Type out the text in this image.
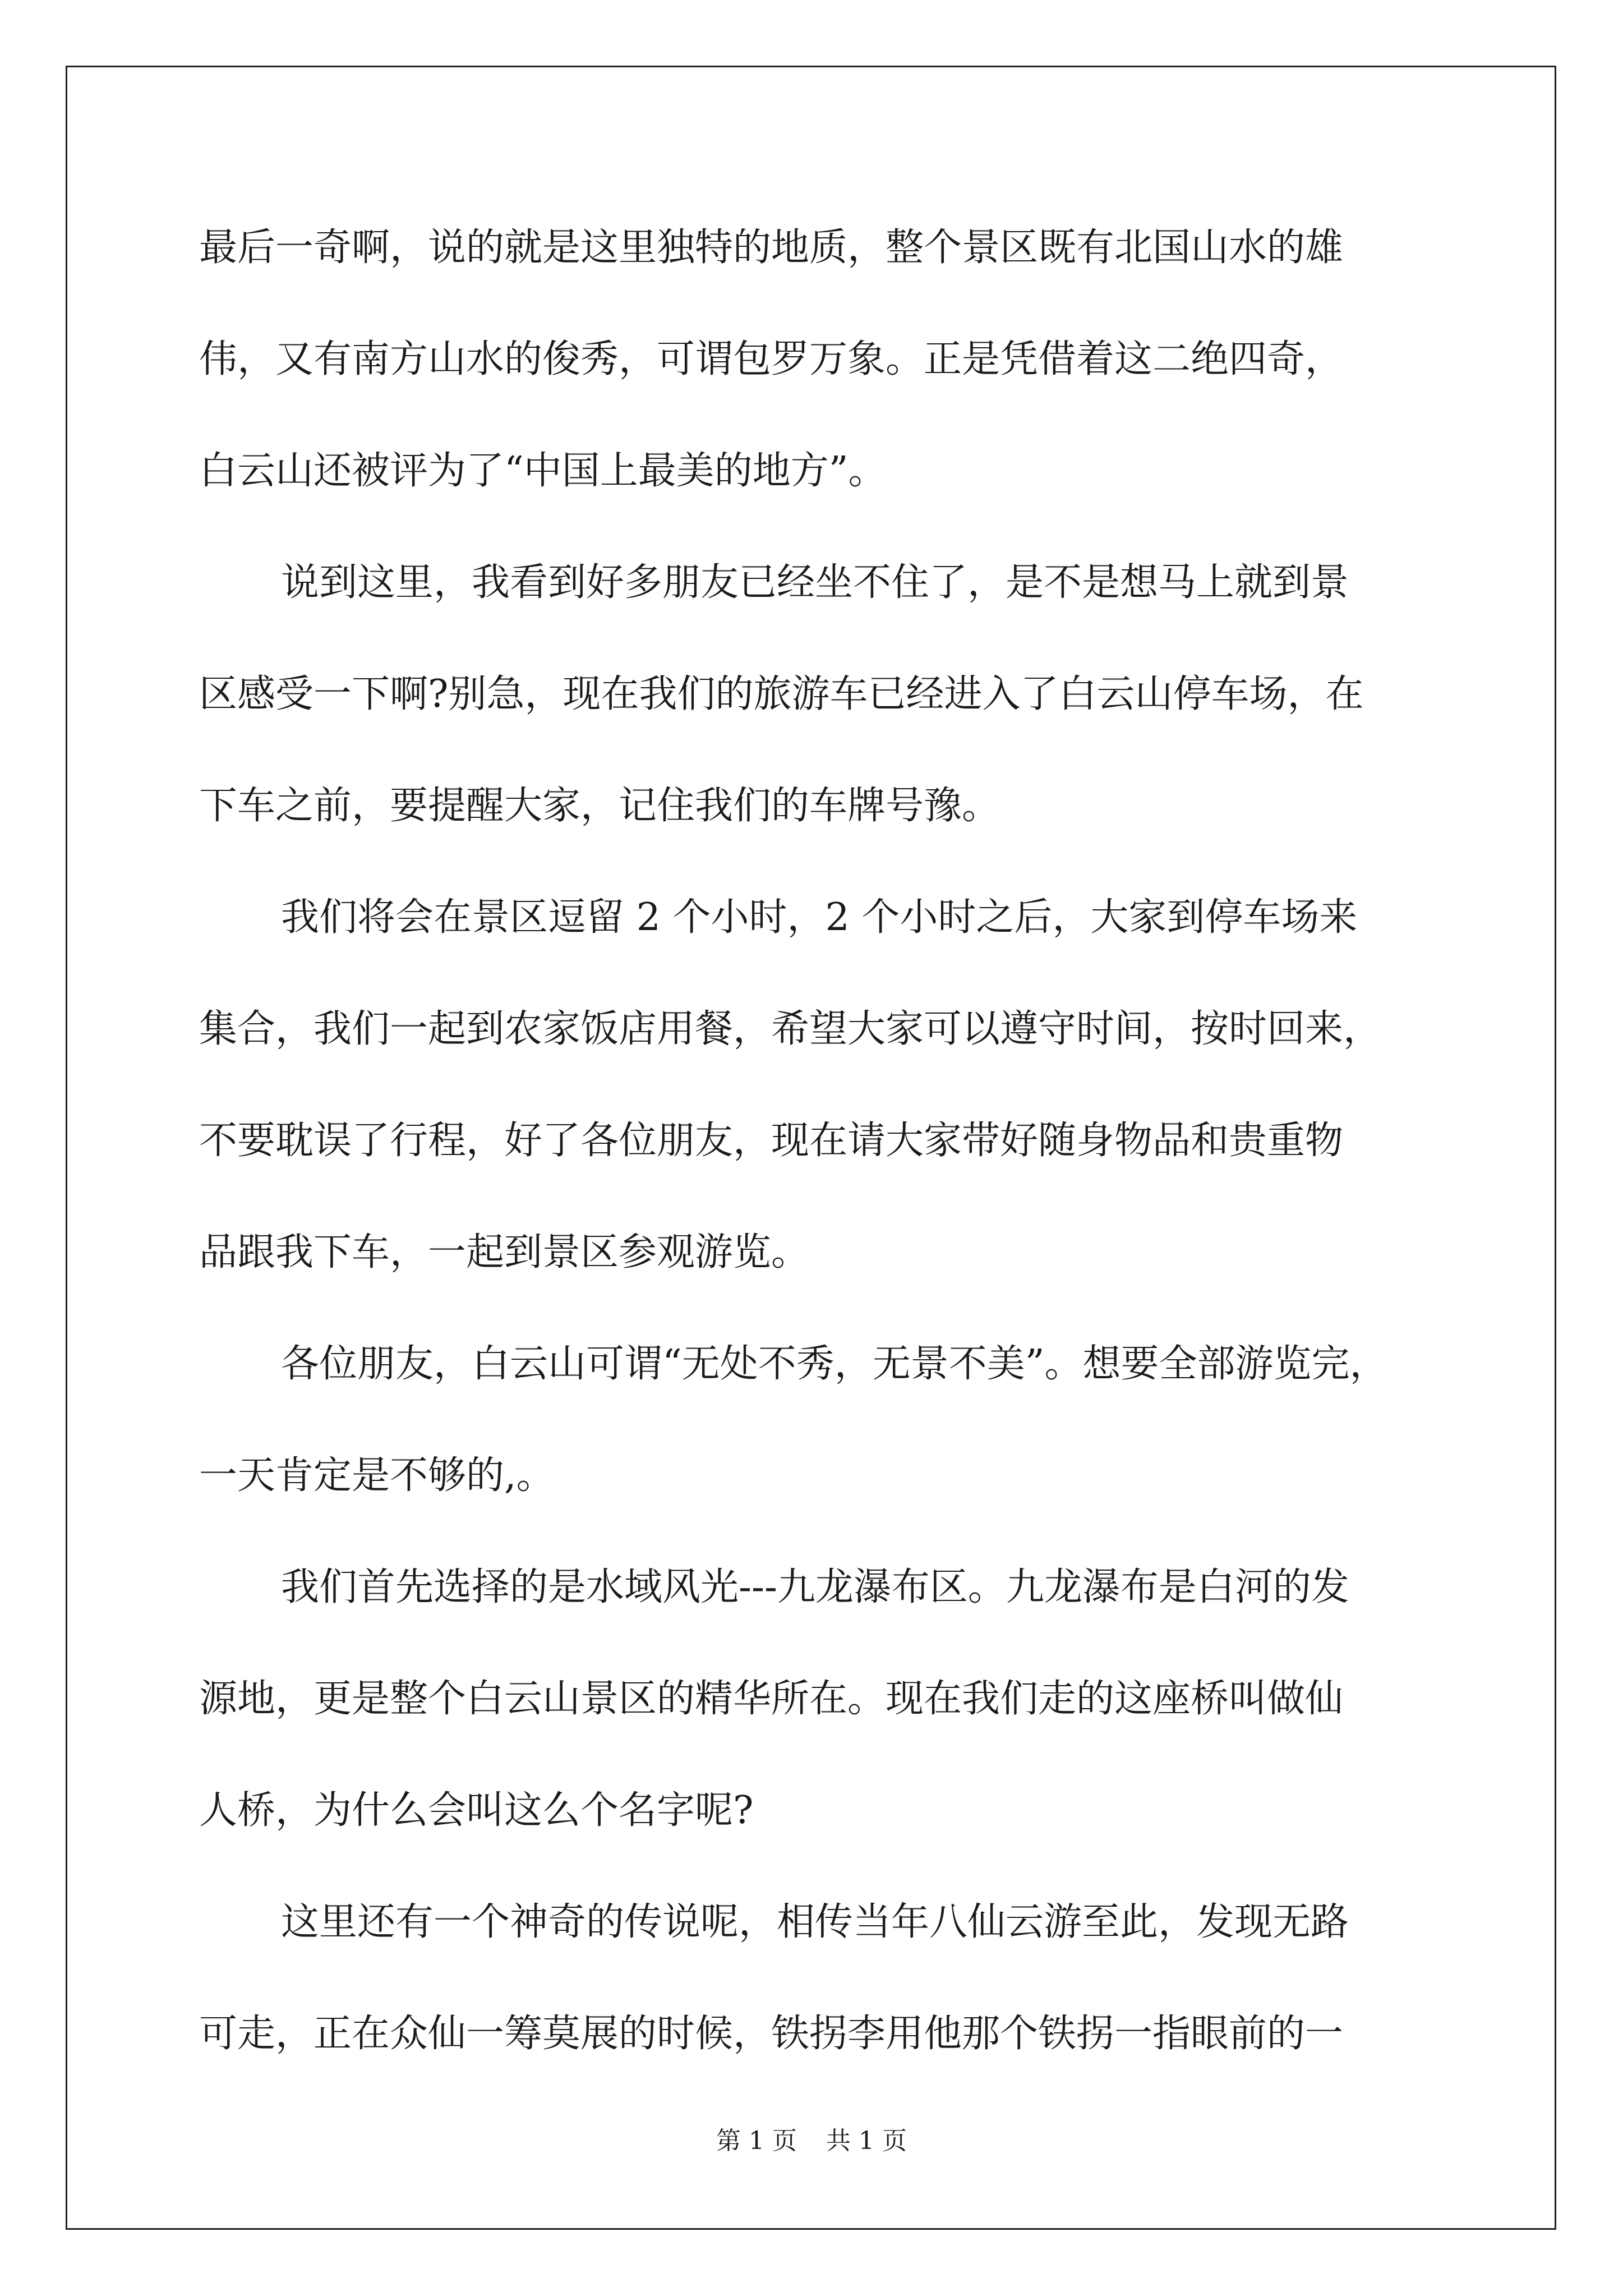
最后一奇啊，说的就是这里独特的地质，整个景区既有北国山水的雄
伟，又有南方山水的俊秀，可谓包罗万象。正是凭借着这二绝四奇，
白云山还被评为了“中国上最美的地方”。
说到这里，我看到好多朋友已经坐不住了，是不是想马上就到景
区感受一下啊?别急，现在我们的旅游车已经进入了白云山停车场，在
下车之前，要提醒大家，记住我们的车牌号豫。
我们将会在景区逗留 2 个小时，2 个小时之后，大家到停车场来
集合，我们一起到农家饭店用餐，希望大家可以遵守时间，按时回来，
不要耽误了行程，好了各位朋友，现在请大家带好随身物品和贵重物
品跟我下车，一起到景区参观游览。
各位朋友，白云山可谓“无处不秀，无景不美”。想要全部游览完，
一天肯定是不够的,。
我们首先选择的是水域风光---九龙瀑布区。九龙瀑布是白河的发
源地，更是整个白云山景区的精华所在。现在我们走的这座桥叫做仙
人桥，为什么会叫这么个名字呢?
这里还有一个神奇的传说呢，相传当年八仙云游至此，发现无路
可走，正在众仙一筹莫展的时候，铁拐李用他那个铁拐一指眼前的一
第 1 页 共 1 页
